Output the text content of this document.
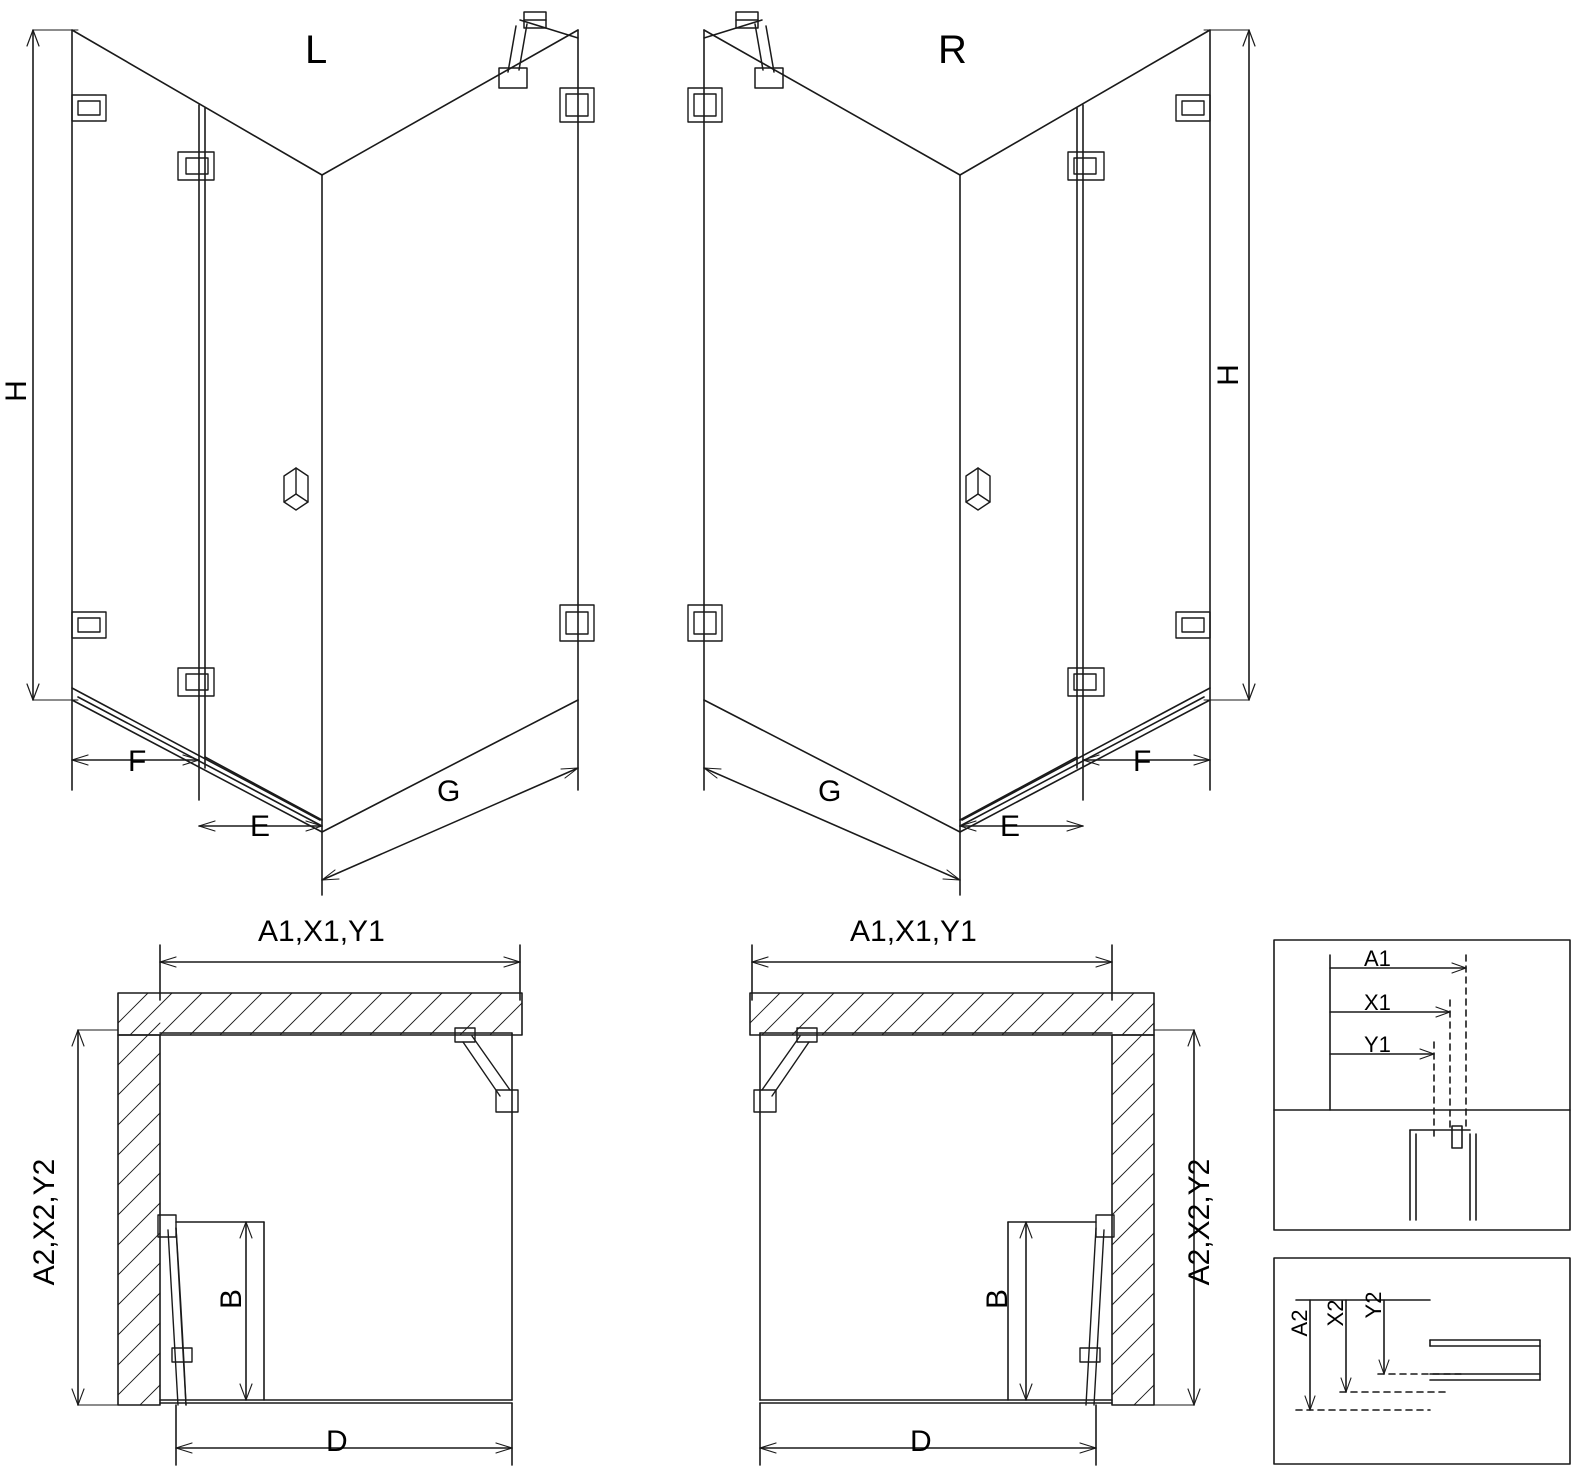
L	R
H
H
F
E
G
F
E
G
A1,X1,Y1	A1,X1,Y1
A2,X2,Y2	A2,X2,Y2
B	B
D	D
A1
X1
Y1
A2 X2 Y2
